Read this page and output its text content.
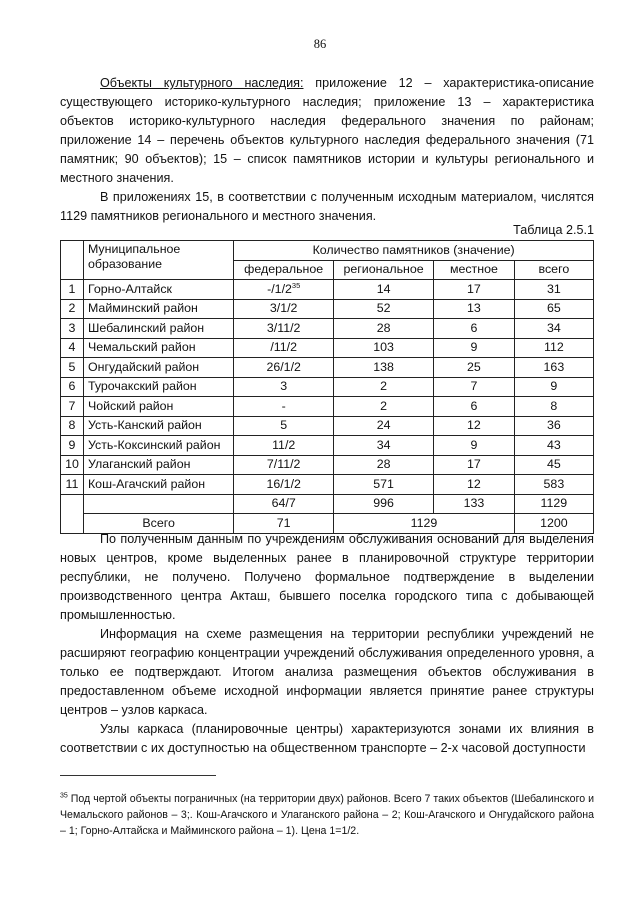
86

Объекты культурного наследия: приложение 12 – характеристика-описание существующего историко-культурного наследия; приложение 13 – характеристика объектов историко-культурного наследия федерального значения по районам; приложение 14 – перечень объектов культурного наследия федерального значения (71 памятник; 90 объектов); 15 – список памятников истории и культуры регионального и местного значения.

В приложениях 15, в соответствии с полученным исходным материалом, числятся 1129 памятников регионального и местного значения.

Таблица 2.5.1
	Муниципальное образование	Количество памятников (значение)			
		федеральное	региональное	местное	всего
1	Горно-Алтайск	$-/1/2^{35}$	14	17	31
2	Майминский район	3/1/2	52	13	65
3	Шебалинский район	3/11/2	28	6	34
4	Чемальский район	/11/2	103	9	112
5	Онгудайский район	26/1/2	138	25	163
6	Турочакский район	3	2	7	9
7	Чойский район	-	2	6	8
8	Усть-Канский район	5	24	12	36
9	Усть-Коксинский район	11/2	34	9	43
10	Улаганский район	7/11/2	28	17	45
11	Кош-Агачский район	16/1/2	571	12	583
		64/7	996	133	1129
	Всего	71	1129		1200

По полученным данным по учреждениям обслуживания оснований для выделения новых центров, кроме выделенных ранее в планировочной структуре территории республики, не получено. Получено формальное подтверждение в выделении производственного центра Акташ, бывшего поселка городского типа с добывающей промышленностью.

Информация на схеме размещения на территории республики учреждений не расширяют географию концентрации учреждений обслуживания определенного уровня, а только ее подтверждают. Итогом анализа размещения объектов обслуживания в предоставленном объеме исходной информации является принятие ранее структуры центров – узлов каркаса.

Узлы каркаса (планировочные центры) характеризуются зонами их влияния в соответствии с их доступностью на общественном транспорте – 2-х часовой доступности

$^{35}$ Под чертой объекты пограничных (на территории двух) районов. Всего 7 таких объектов (Шебалинского и Чемальского районов – 3;. Кош-Агачского и Улаганского района – 2; Кош-Агачского и Онгудайского района – 1; Горно-Алтайска и Майминского района – 1). Цена 1=1/2.
